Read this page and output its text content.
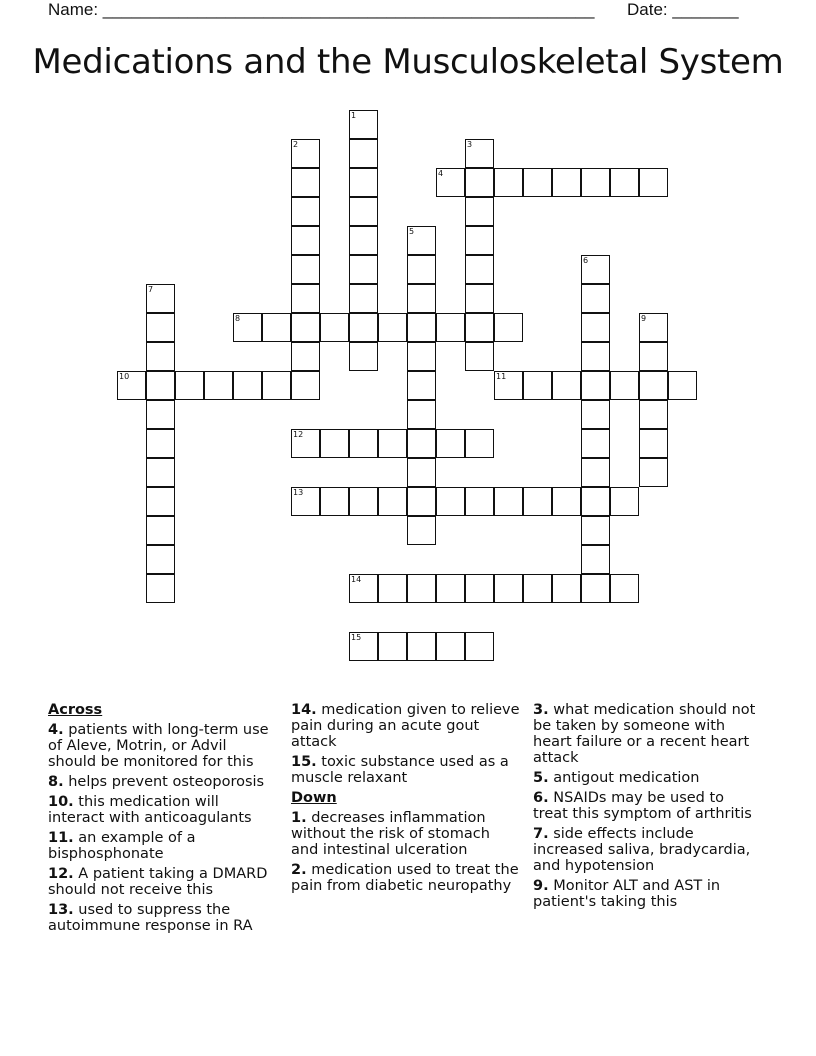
Name: ____________________________________________________ Date: _______
Medications and the Musculoskeletal System
1
2	3
4
5
6
7
8	9
10	11
12
13
14
15
Across
4. patients with long-term use of Aleve, Motrin, or Advil should be monitored for this
8. helps prevent osteoporosis
10. this medication will interact with anticoagulants
11. an example of a bisphosphonate
12. A patient taking a DMARD should not receive this
13. used to suppress the autoimmune response in RA
14. medication given to relieve pain during an acute gout attack
15. toxic substance used as a muscle relaxant
Down
1. decreases inflammation without the risk of stomach and intestinal ulceration
2. medication used to treat the pain from diabetic neuropathy
3. what medication should not be taken by someone with heart failure or a recent heart attack
5. antigout medication
6. NSAIDs may be used to treat this symptom of arthritis
7. side effects include increased saliva, bradycardia, and hypotension
9. Monitor ALT and AST in patient's taking this
